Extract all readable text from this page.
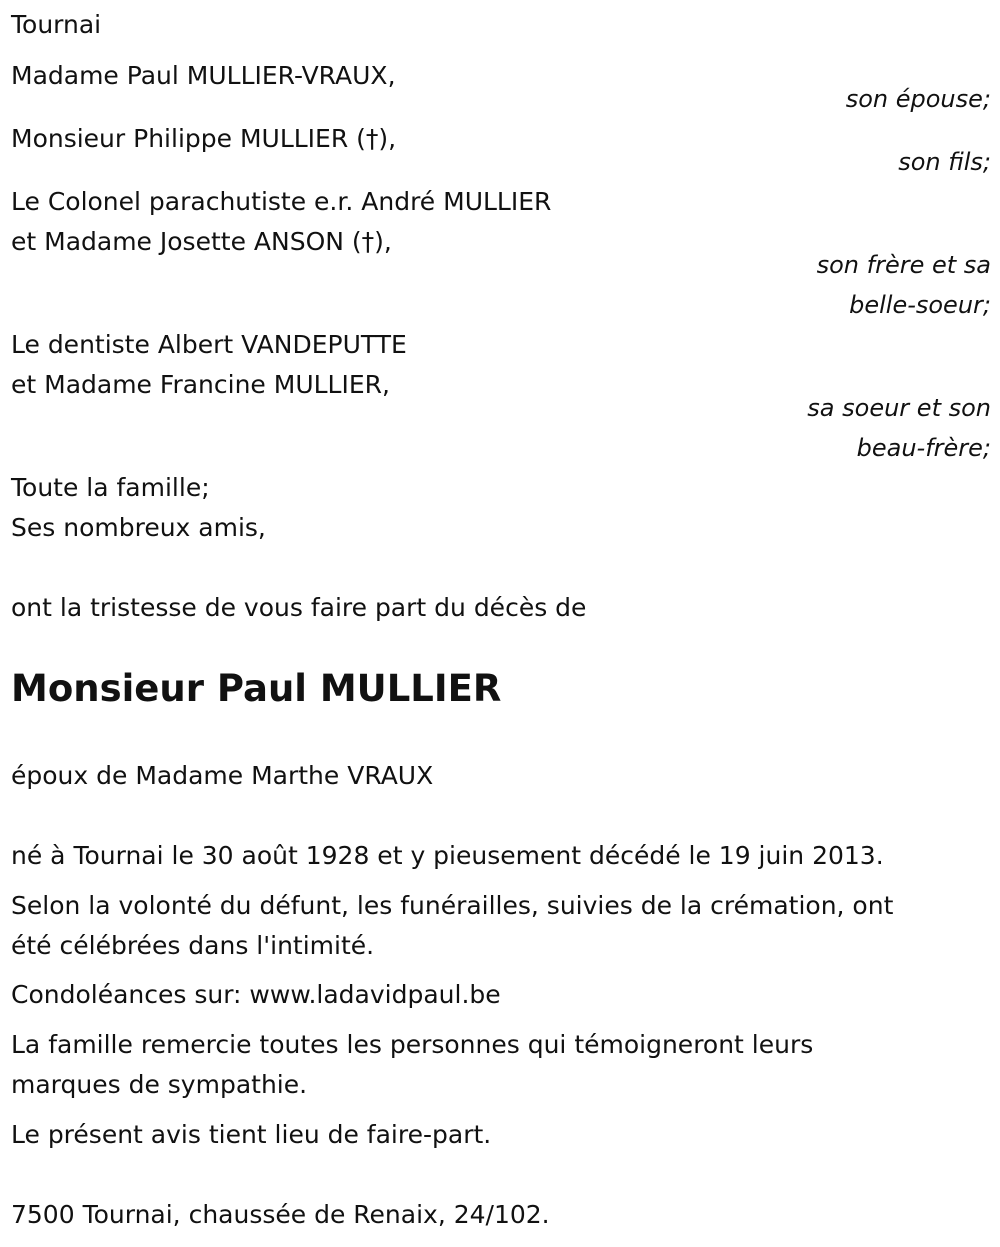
Tournai
Madame Paul MULLIER-VRAUX,
son épouse;
Monsieur Philippe MULLIER (†),
son fils;
Le Colonel parachutiste e.r. André MULLIER
et Madame Josette ANSON (†),
son frère et sa
belle-soeur;
Le dentiste Albert VANDEPUTTE
et Madame Francine MULLIER,
sa soeur et son
beau-frère;
Toute la famille;
Ses nombreux amis,
ont la tristesse de vous faire part du décès de
Monsieur Paul MULLIER
époux de Madame Marthe VRAUX
né à Tournai le 30 août 1928 et y pieusement décédé le 19 juin 2013.
Selon la volonté du défunt, les funérailles, suivies de la crémation, ont
été célébrées dans l'intimité.
Condoléances sur: www.ladavidpaul.be
La famille remercie toutes les personnes qui témoigneront leurs
marques de sympathie.
Le présent avis tient lieu de faire-part.
7500 Tournai, chaussée de Renaix, 24/102.
